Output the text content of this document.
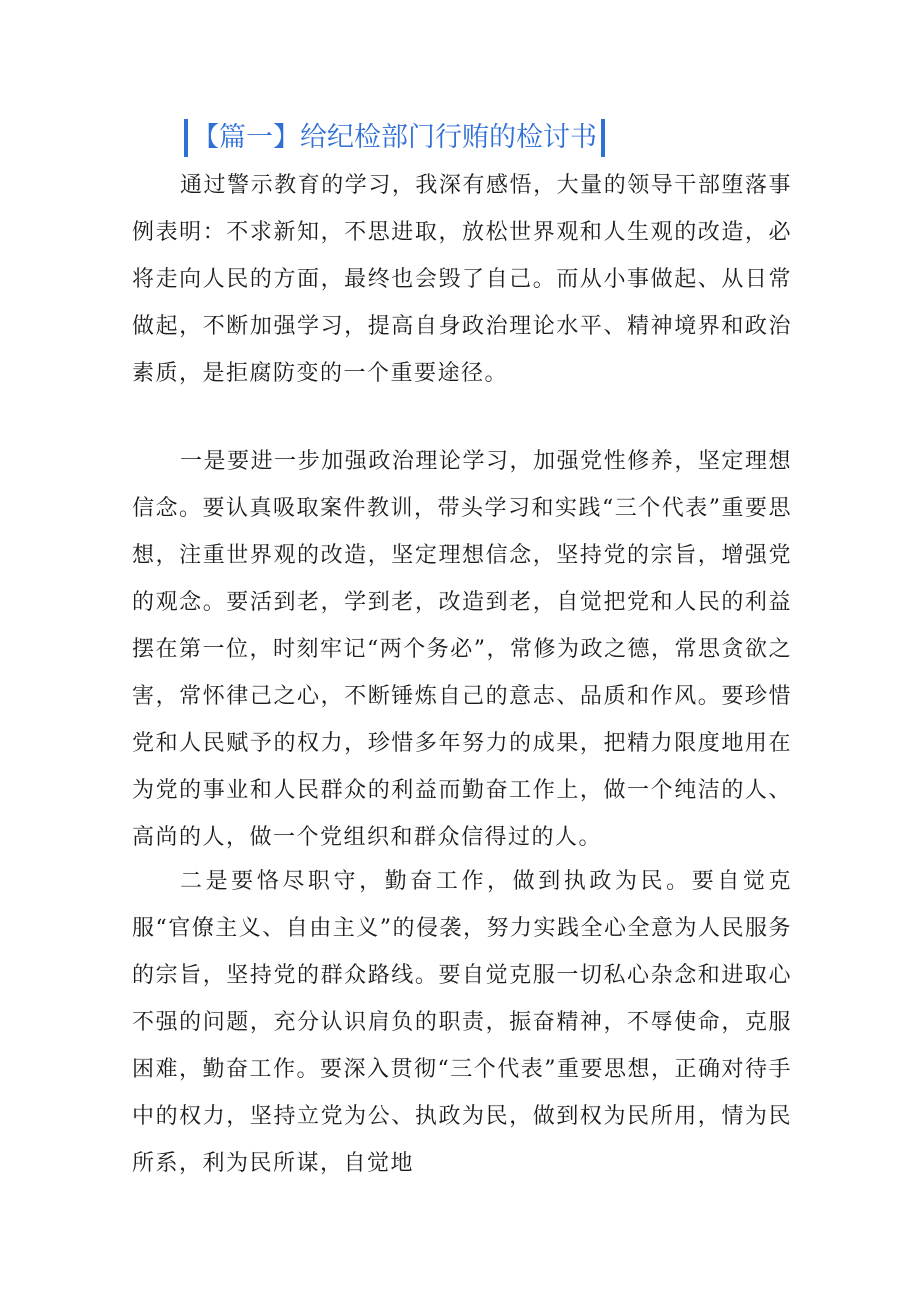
【篇一】给纪检部门行贿的检讨书

通过警示教育的学习，我深有感悟，大量的领导干部堕落事例表明：不求新知，不思进取，放松世界观和人生观的改造，必将走向人民的方面，最终也会毁了自己。而从小事做起、从日常做起，不断加强学习，提高自身政治理论水平、精神境界和政治素质，是拒腐防变的一个重要途径。

一是要进一步加强政治理论学习，加强党性修养，坚定理想信念。要认真吸取案件教训，带头学习和实践“三个代表”重要思想，注重世界观的改造，坚定理想信念，坚持党的宗旨，增强党的观念。要活到老，学到老，改造到老，自觉把党和人民的利益摆在第一位，时刻牢记“两个务必”，常修为政之德，常思贪欲之害，常怀律己之心，不断锤炼自己的意志、品质和作风。要珍惜党和人民赋予的权力，珍惜多年努力的成果，把精力限度地用在为党的事业和人民群众的利益而勤奋工作上，做一个纯洁的人、高尚的人，做一个党组织和群众信得过的人。

二是要恪尽职守，勤奋工作，做到执政为民。要自觉克服“官僚主义、自由主义”的侵袭，努力实践全心全意为人民服务的宗旨，坚持党的群众路线。要自觉克服一切私心杂念和进取心不强的问题，充分认识肩负的职责，振奋精神，不辱使命，克服困难，勤奋工作。要深入贯彻“三个代表”重要思想，正确对待手中的权力，坚持立党为公、执政为民，做到权为民所用，情为民所系，利为民所谋，自觉地
